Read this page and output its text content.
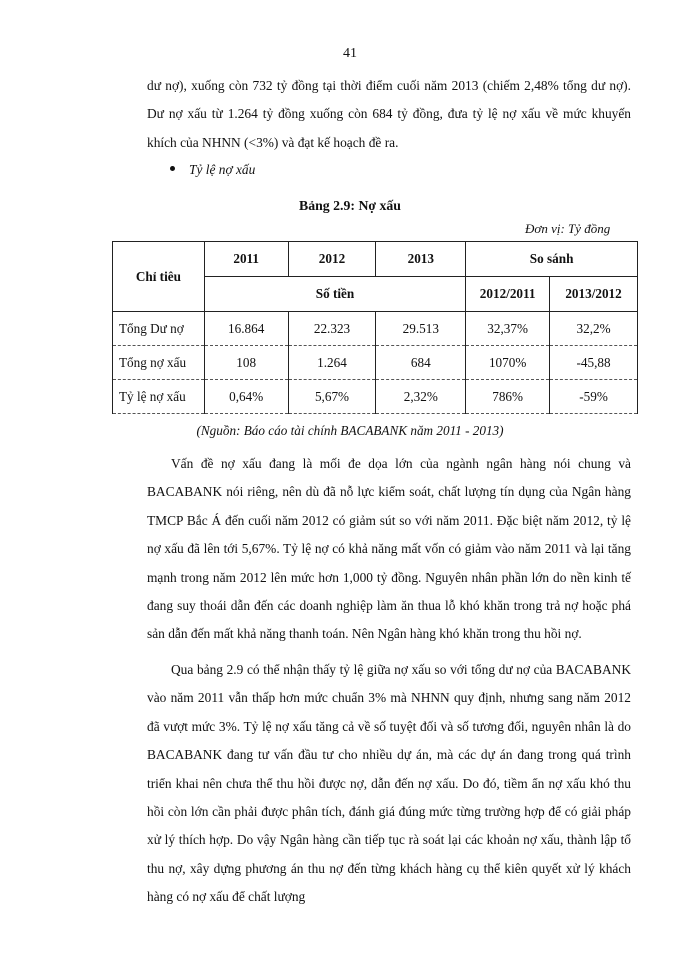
41

dư nợ), xuống còn 732 tỷ đồng tại thời điểm cuối năm 2013 (chiếm 2,48% tổng dư nợ). Dư nợ xấu từ 1.264 tỷ đồng xuống còn 684 tỷ đồng, đưa tỷ lệ nợ xấu về mức khuyến khích của NHNN (<3%) và đạt kế hoạch đề ra.

Tỷ lệ nợ xấu
Bảng 2.9: Nợ xấu
Đơn vị: Tỷ đồng
Chỉ tiêu	2011	2012	2013	So sánh	
	Số tiền			2012/2011	2013/2012
Tổng Dư nợ	16.864	22.323	29.513	32,37%	32,2%
Tổng nợ xấu	108	1.264	684	1070%	-45,88
Tỷ lệ nợ xấu	0,64%	5,67%	2,32%	786%	-59%
(Nguồn: Báo cáo tài chính BACABANK năm 2011 - 2013)

Vấn đề nợ xấu đang là mối đe dọa lớn của ngành ngân hàng nói chung và BACABANK nói riêng, nên dù đã nỗ lực kiểm soát, chất lượng tín dụng của Ngân hàng TMCP Bắc Á đến cuối năm 2012 có giảm sút so với năm 2011. Đặc biệt năm 2012, tỷ lệ nợ xấu đã lên tới 5,67%. Tỷ lệ nợ có khả năng mất vốn có giảm vào năm 2011 và lại tăng mạnh trong năm 2012 lên mức hơn 1,000 tỷ đồng. Nguyên nhân phần lớn do nền kinh tế đang suy thoái dẫn đến các doanh nghiệp làm ăn thua lỗ khó khăn trong trả nợ hoặc phá sản dẫn đến mất khả năng thanh toán. Nên Ngân hàng khó khăn trong thu hồi nợ.

Qua bảng 2.9 có thể nhận thấy tỷ lệ giữa nợ xấu so với tổng dư nợ của BACABANK vào năm 2011 vẫn thấp hơn mức chuẩn 3% mà NHNN quy định, nhưng sang năm 2012 đã vượt mức 3%. Tỷ lệ nợ xấu tăng cả về số tuyệt đối và số tương đối, nguyên nhân là do BACABANK đang tư vấn đầu tư cho nhiều dự án, mà các dự án đang trong quá trình triển khai nên chưa thể thu hồi được nợ, dẫn đến nợ xấu. Do đó, tiềm ẩn nợ xấu khó thu hồi còn lớn cần phải được phân tích, đánh giá đúng mức từng trường hợp để có giải pháp xử lý thích hợp. Do vậy Ngân hàng cần tiếp tục rà soát lại các khoản nợ xấu, thành lập tổ thu nợ, xây dựng phương án thu nợ đến từng khách hàng cụ thể kiên quyết xử lý khách hàng có nợ xấu để chất lượng
